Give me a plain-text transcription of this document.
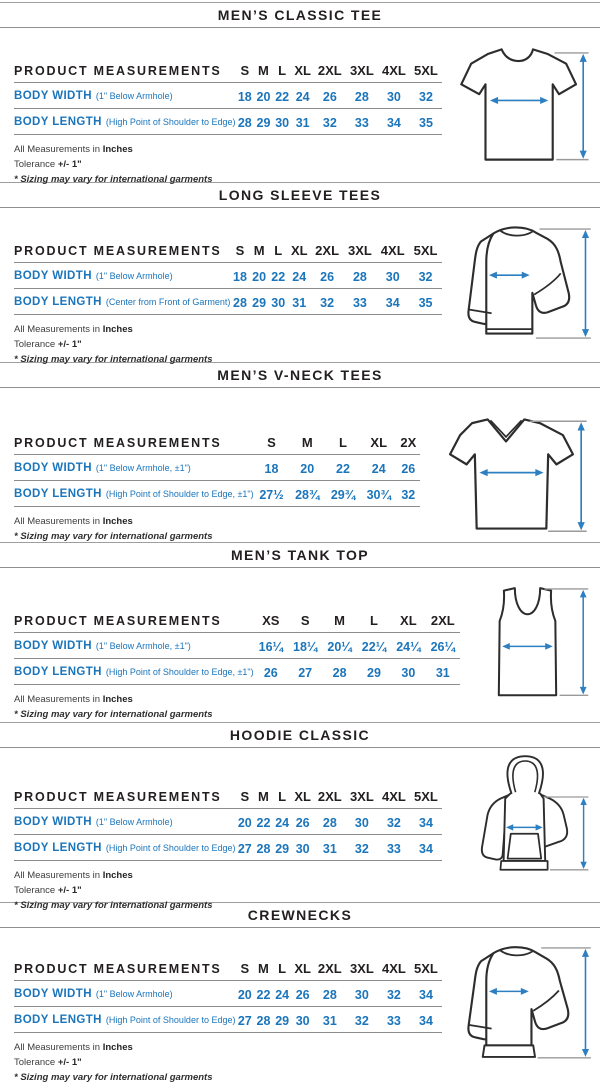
MEN’S CLASSIC TEE
PRODUCT MEASUREMENTS	S	M	L	XL	2XL	3XL	4XL	5XL
BODY WIDTH (1" Below Armhole)	18	20	22	24	26	28	30	32
BODY LENGTH (High Point of Shoulder to Edge)	28	29	30	31	32	33	34	35
All Measurements in Inches
Tolerance +/- 1"
* Sizing may vary for international garments
LONG SLEEVE TEES
PRODUCT MEASUREMENTS	S	M	L	XL	2XL	3XL	4XL	5XL
BODY WIDTH (1" Below Armhole)	18	20	22	24	26	28	30	32
BODY LENGTH (Center from Front of Garment)	28	29	30	31	32	33	34	35
All Measurements in Inches
Tolerance +/- 1"
* Sizing may vary for international garments
MEN’S V-NECK TEES
PRODUCT MEASUREMENTS	S	M	L	XL	2X
BODY WIDTH (1" Below Armhole, ±1")	18	20	22	24	26
BODY LENGTH (High Point of Shoulder to Edge, ±1")	27½	28¾	29¾	30¾	32
All Measurements in Inches
* Sizing may vary for international garments
MEN’S TANK TOP
PRODUCT MEASUREMENTS	XS	S	M	L	XL	2XL
BODY WIDTH (1" Below Armhole, ±1")	16¼	18¼	20¼	22¼	24¼	26¼
BODY LENGTH (High Point of Shoulder to Edge, ±1")	26	27	28	29	30	31
All Measurements in Inches
* Sizing may vary for international garments
HOODIE CLASSIC
PRODUCT MEASUREMENTS	S	M	L	XL	2XL	3XL	4XL	5XL
BODY WIDTH (1" Below Armhole)	20	22	24	26	28	30	32	34
BODY LENGTH (High Point of Shoulder to Edge)	27	28	29	30	31	32	33	34
All Measurements in Inches
Tolerance +/- 1"
* Sizing may vary for international garments
CREWNECKS
PRODUCT MEASUREMENTS	S	M	L	XL	2XL	3XL	4XL	5XL
BODY WIDTH (1" Below Armhole)	20	22	24	26	28	30	32	34
BODY LENGTH (High Point of Shoulder to Edge)	27	28	29	30	31	32	33	34
All Measurements in Inches
Tolerance +/- 1"
* Sizing may vary for international garments
